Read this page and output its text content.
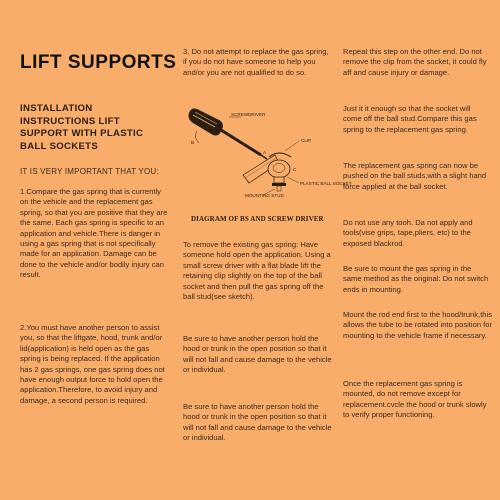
LIFT SUPPORTS
INSTALLATION INSTRUCTIONS LIFT SUPPORT WITH PLASTIC BALL SOCKETS

IT IS VERY IMPORTANT THAT YOU:

1.Compare the gas spring that is currently on the vehicle and the replacement gas spring, so that you are positive that they are the same. Each gas spring is specific to an application and vehicle.There is danger in using a gas spring that is not specifically made for an application. Damage can be done to the vehicle and/or bodily injury can result.

2.You must have another person to assist you, so that the liftgate, hood, trunk and/or lid(application) is held open as the gas spring is being replaced. If the application has 2 gas springs, one gas spring does not have enough output force to hold open the application.Therefore, to avoid injury and damage, a second person is required.

3. Do not attempt to replace the gas spring, if you do not have someone to help you and/or you are not qualified to do so.

SCREWDRIVER
B
A
CLIP
C
PLASTIC BALL SOCKET
MOUNTING STUD

DIAGRAM OF BS AND SCREW DRIVER

To remove the existing gas spring: Have someone hold open the application. Using a small screw driver with a flat blade lift the retaining clip slightly on the top of the ball socket and then pull the gas spring off the ball stud(see sketch).

Be sure to have another person hold the hood or trunk in the open position so that it will not fall and cause damage to the vehicle or individual.

Be sure to have another person hold the hood or trunk in the open position so that it will not fall and cause damage to the vehicle or individual.

Repeat this step on the other end. Do not remove the clip from the socket, it could fly aff and cause injury or damage.

Just it it enough so that the socket will come off the ball stud.Compare this gas spring to the replacement gas spring.

The replacement gas spring can now be pushed on the ball studs,with a slight hand force applied at the ball socket.

Do not use any tooh. Da not apply and tools(vise grips, tape,pliers, etc) to the exposed blackrod.

Be sure to mount the gas spring in the same method as the original: Do not switch ends in mounting.

Mount the rod end first to the hood/trunk,this allows the tube to be rotated into position for mounting to the vehicle frame if necessary.

Once the replacement gas spring is mounted, do not remove except for replacement.cvcle the hood or trunk slowly to verify proper functioning.
